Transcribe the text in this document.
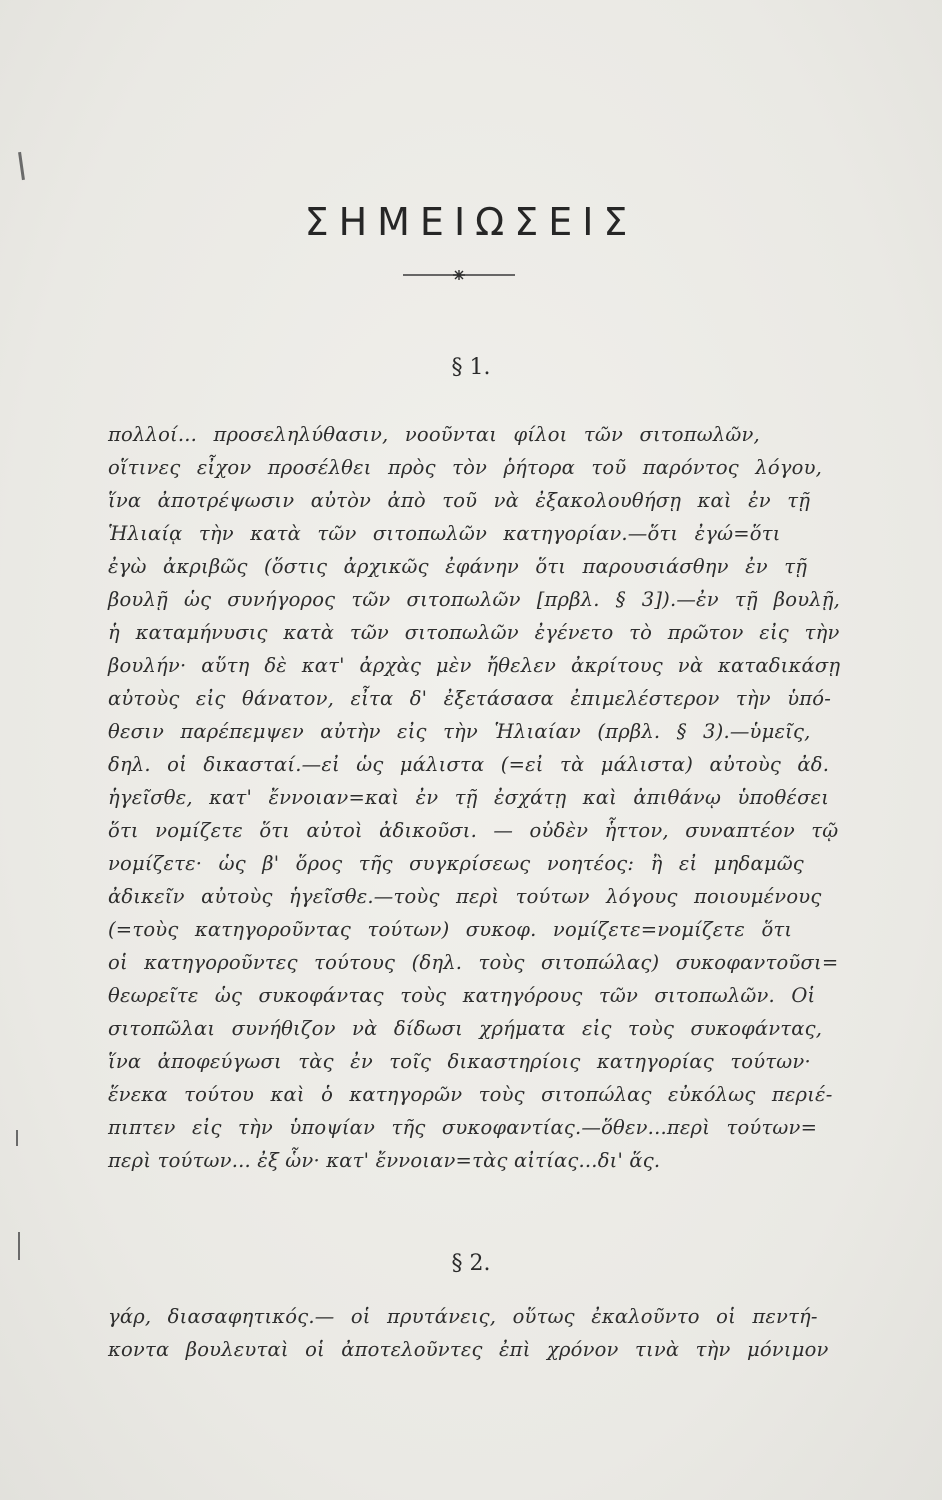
ΣΗΜΕΙΩΣΕΙΣ
§ 1.
πολλοί... προσεληλύθασιν, νοοῦνται φίλοι τῶν σιτοπωλῶν,
οἵτινες εἶχον προσέλθει πρὸς τὸν ῥήτορα τοῦ παρόντος λόγου,
ἵνα ἀποτρέψωσιν αὐτὸν ἀπὸ τοῦ νὰ ἐξακολουθήσῃ καὶ ἐν τῇ
Ἡλιαίᾳ τὴν κατὰ τῶν σιτοπωλῶν κατηγορίαν.—ὅτι ἐγώ=ὅτι
ἐγὼ ἀκριβῶς (ὅστις ἀρχικῶς ἐφάνην ὅτι παρουσιάσθην ἐν τῇ
βουλῇ ὡς συνήγορος τῶν σιτοπωλῶν [πρβλ. § 3]).—ἐν τῇ βουλῇ,
ἡ καταμήνυσις κατὰ τῶν σιτοπωλῶν ἐγένετο τὸ πρῶτον εἰς τὴν
βουλήν· αὕτη δὲ κατ' ἀρχὰς μὲν ἤθελεν ἀκρίτους νὰ καταδικάσῃ
αὐτοὺς εἰς θάνατον, εἶτα δ' ἐξετάσασα ἐπιμελέστερον τὴν ὑπό-
θεσιν παρέπεμψεν αὐτὴν εἰς τὴν Ἡλιαίαν (πρβλ. § 3).—ὑμεῖς,
δηλ. οἱ δικασταί.—εἰ ὡς μάλιστα (=εἰ τὰ μάλιστα) αὐτοὺς ἀδ.
ἡγεῖσθε, κατ' ἔννοιαν=καὶ ἐν τῇ ἐσχάτῃ καὶ ἀπιθάνῳ ὑποθέσει
ὅτι νομίζετε ὅτι αὐτοὶ ἀδικοῦσι. — οὐδὲν ἧττον, συναπτέον τῷ
νομίζετε· ὡς β' ὅρος τῆς συγκρίσεως νοητέος: ἢ εἰ μηδαμῶς
ἀδικεῖν αὐτοὺς ἡγεῖσθε.—τοὺς περὶ τούτων λόγους ποιουμένους
(=τοὺς κατηγοροῦντας τούτων) συκοφ. νομίζετε=νομίζετε ὅτι
οἱ κατηγοροῦντες τούτους (δηλ. τοὺς σιτοπώλας) συκοφαντοῦσι=
θεωρεῖτε ὡς συκοφάντας τοὺς κατηγόρους τῶν σιτοπωλῶν. Οἱ
σιτοπῶλαι συνήθιζον νὰ δίδωσι χρήματα εἰς τοὺς συκοφάντας,
ἵνα ἀποφεύγωσι τὰς ἐν τοῖς δικαστηρίοις κατηγορίας τούτων·
ἕνεκα τούτου καὶ ὁ κατηγορῶν τοὺς σιτοπώλας εὐκόλως περιέ-
πιπτεν εἰς τὴν ὑποψίαν τῆς συκοφαντίας.—ὅθεν...περὶ τούτων=
περὶ τούτων... ἐξ ὧν· κατ' ἔννοιαν=τὰς αἰτίας...δι' ἅς.
§ 2.
γάρ, διασαφητικός.— οἱ πρυτάνεις, οὕτως ἐκαλοῦντο οἱ πεντή-
κοντα βουλευταὶ οἱ ἀποτελοῦντες ἐπὶ χρόνον τινὰ τὴν μόνιμον
